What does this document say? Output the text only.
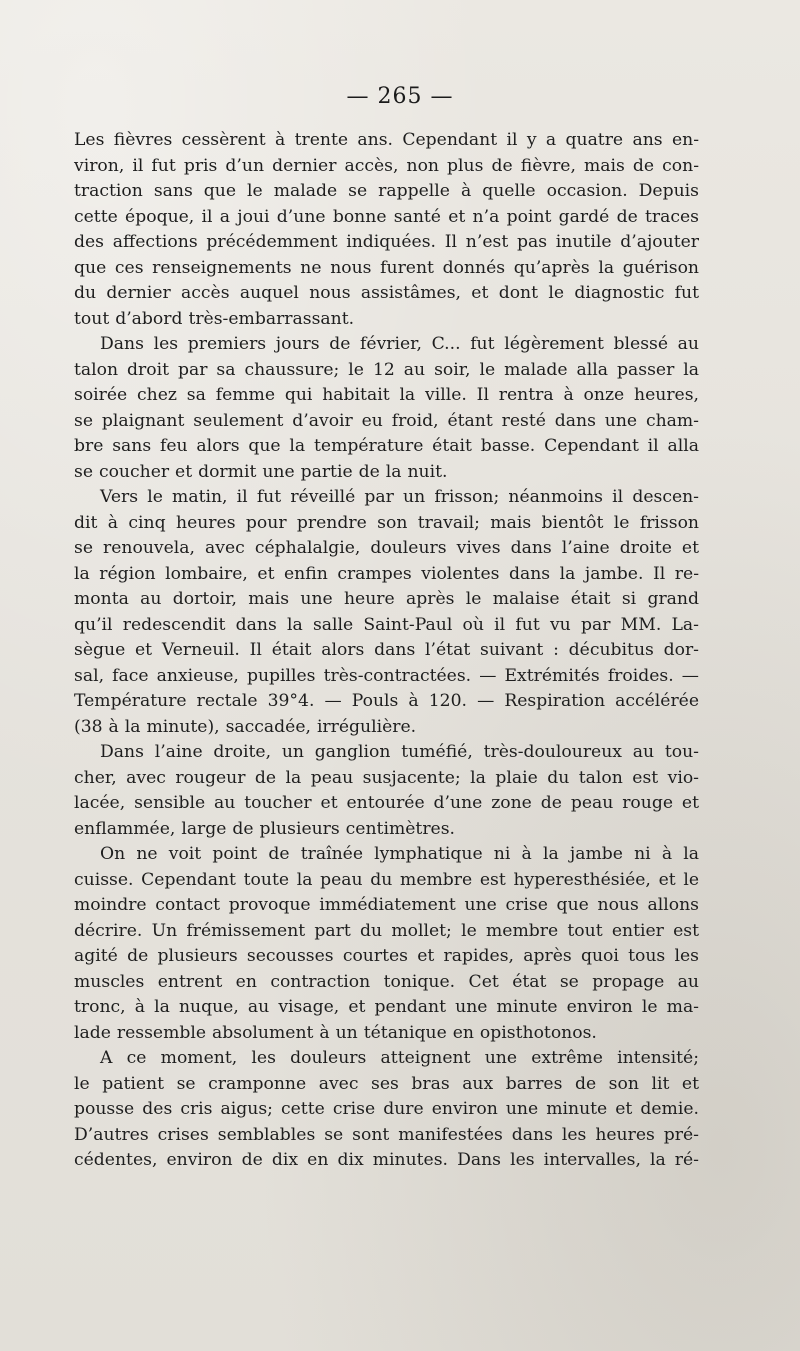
— 265 —
Les fièvres cessèrent à trente ans. Cependant il y a quatre ans en-
viron, il fut pris d’un dernier accès, non plus de fièvre, mais de con-
traction sans que le malade se rappelle à quelle occasion. Depuis
cette époque, il a joui d’une bonne santé et n’a point gardé de traces
des affections précédemment indiquées. Il n’est pas inutile d’ajouter
que ces renseignements ne nous furent donnés qu’après la guérison
du dernier accès auquel nous assistâmes, et dont le diagnostic fut
tout d’abord très-embarrassant.
Dans les premiers jours de février, C... fut légèrement blessé au
talon droit par sa chaussure; le 12 au soir, le malade alla passer la
soirée chez sa femme qui habitait la ville. Il rentra à onze heures,
se plaignant seulement d’avoir eu froid, étant resté dans une cham-
bre sans feu alors que la température était basse. Cependant il alla
se coucher et dormit une partie de la nuit.
Vers le matin, il fut réveillé par un frisson; néanmoins il descen-
dit à cinq heures pour prendre son travail; mais bientôt le frisson
se renouvela, avec céphalalgie, douleurs vives dans l’aine droite et
la région lombaire, et enfin crampes violentes dans la jambe. Il re-
monta au dortoir, mais une heure après le malaise était si grand
qu’il redescendit dans la salle Saint-Paul où il fut vu par MM. La-
sègue et Verneuil. Il était alors dans l’état suivant : décubitus dor-
sal, face anxieuse, pupilles très-contractées. — Extrémités froides. —
Température rectale 39°4. — Pouls à 120. — Respiration accélérée
(38 à la minute), saccadée, irrégulière.
Dans l’aine droite, un ganglion tuméfié, très-douloureux au tou-
cher, avec rougeur de la peau susjacente; la plaie du talon est vio-
lacée, sensible au toucher et entourée d’une zone de peau rouge et
enflammée, large de plusieurs centimètres.
On ne voit point de traînée lymphatique ni à la jambe ni à la
cuisse. Cependant toute la peau du membre est hyperesthésiée, et le
moindre contact provoque immédiatement une crise que nous allons
décrire. Un frémissement part du mollet; le membre tout entier est
agité de plusieurs secousses courtes et rapides, après quoi tous les
muscles entrent en contraction tonique. Cet état se propage au
tronc, à la nuque, au visage, et pendant une minute environ le ma-
lade ressemble absolument à un tétanique en opisthotonos.
A ce moment, les douleurs atteignent une extrême intensité;
le patient se cramponne avec ses bras aux barres de son lit et
pousse des cris aigus; cette crise dure environ une minute et demie.
D’autres crises semblables se sont manifestées dans les heures pré-
cédentes, environ de dix en dix minutes. Dans les intervalles, la ré-
